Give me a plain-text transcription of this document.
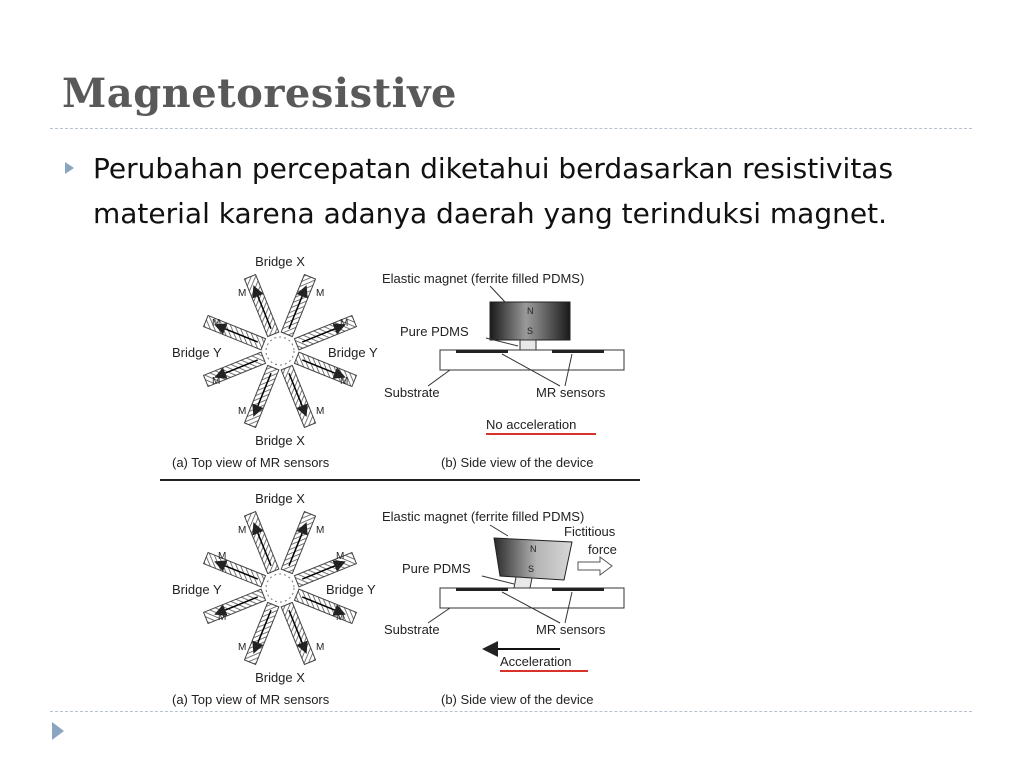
Magnetoresistive

Perubahan percepatan diketahui berdasarkan resistivitas material karena adanya daerah yang terinduksi magnet.

Bridge X
Bridge X
Bridge Y	Bridge Y
M	M
M	M
M	M
M	M
(a) Top view of MR sensors
Elastic magnet (ferrite filled PDMS)
N
S
Pure PDMS
Substrate	MR sensors
No acceleration
(b) Side view of the device
Bridge X
Bridge X
Bridge Y	Bridge Y
M	M
M	M
M	M
M	M
(a) Top view of MR sensors
Elastic magnet (ferrite filled PDMS)
N
S
Pure PDMS
Fictitious
force
Substrate	MR sensors
Acceleration
(b) Side view of the device
